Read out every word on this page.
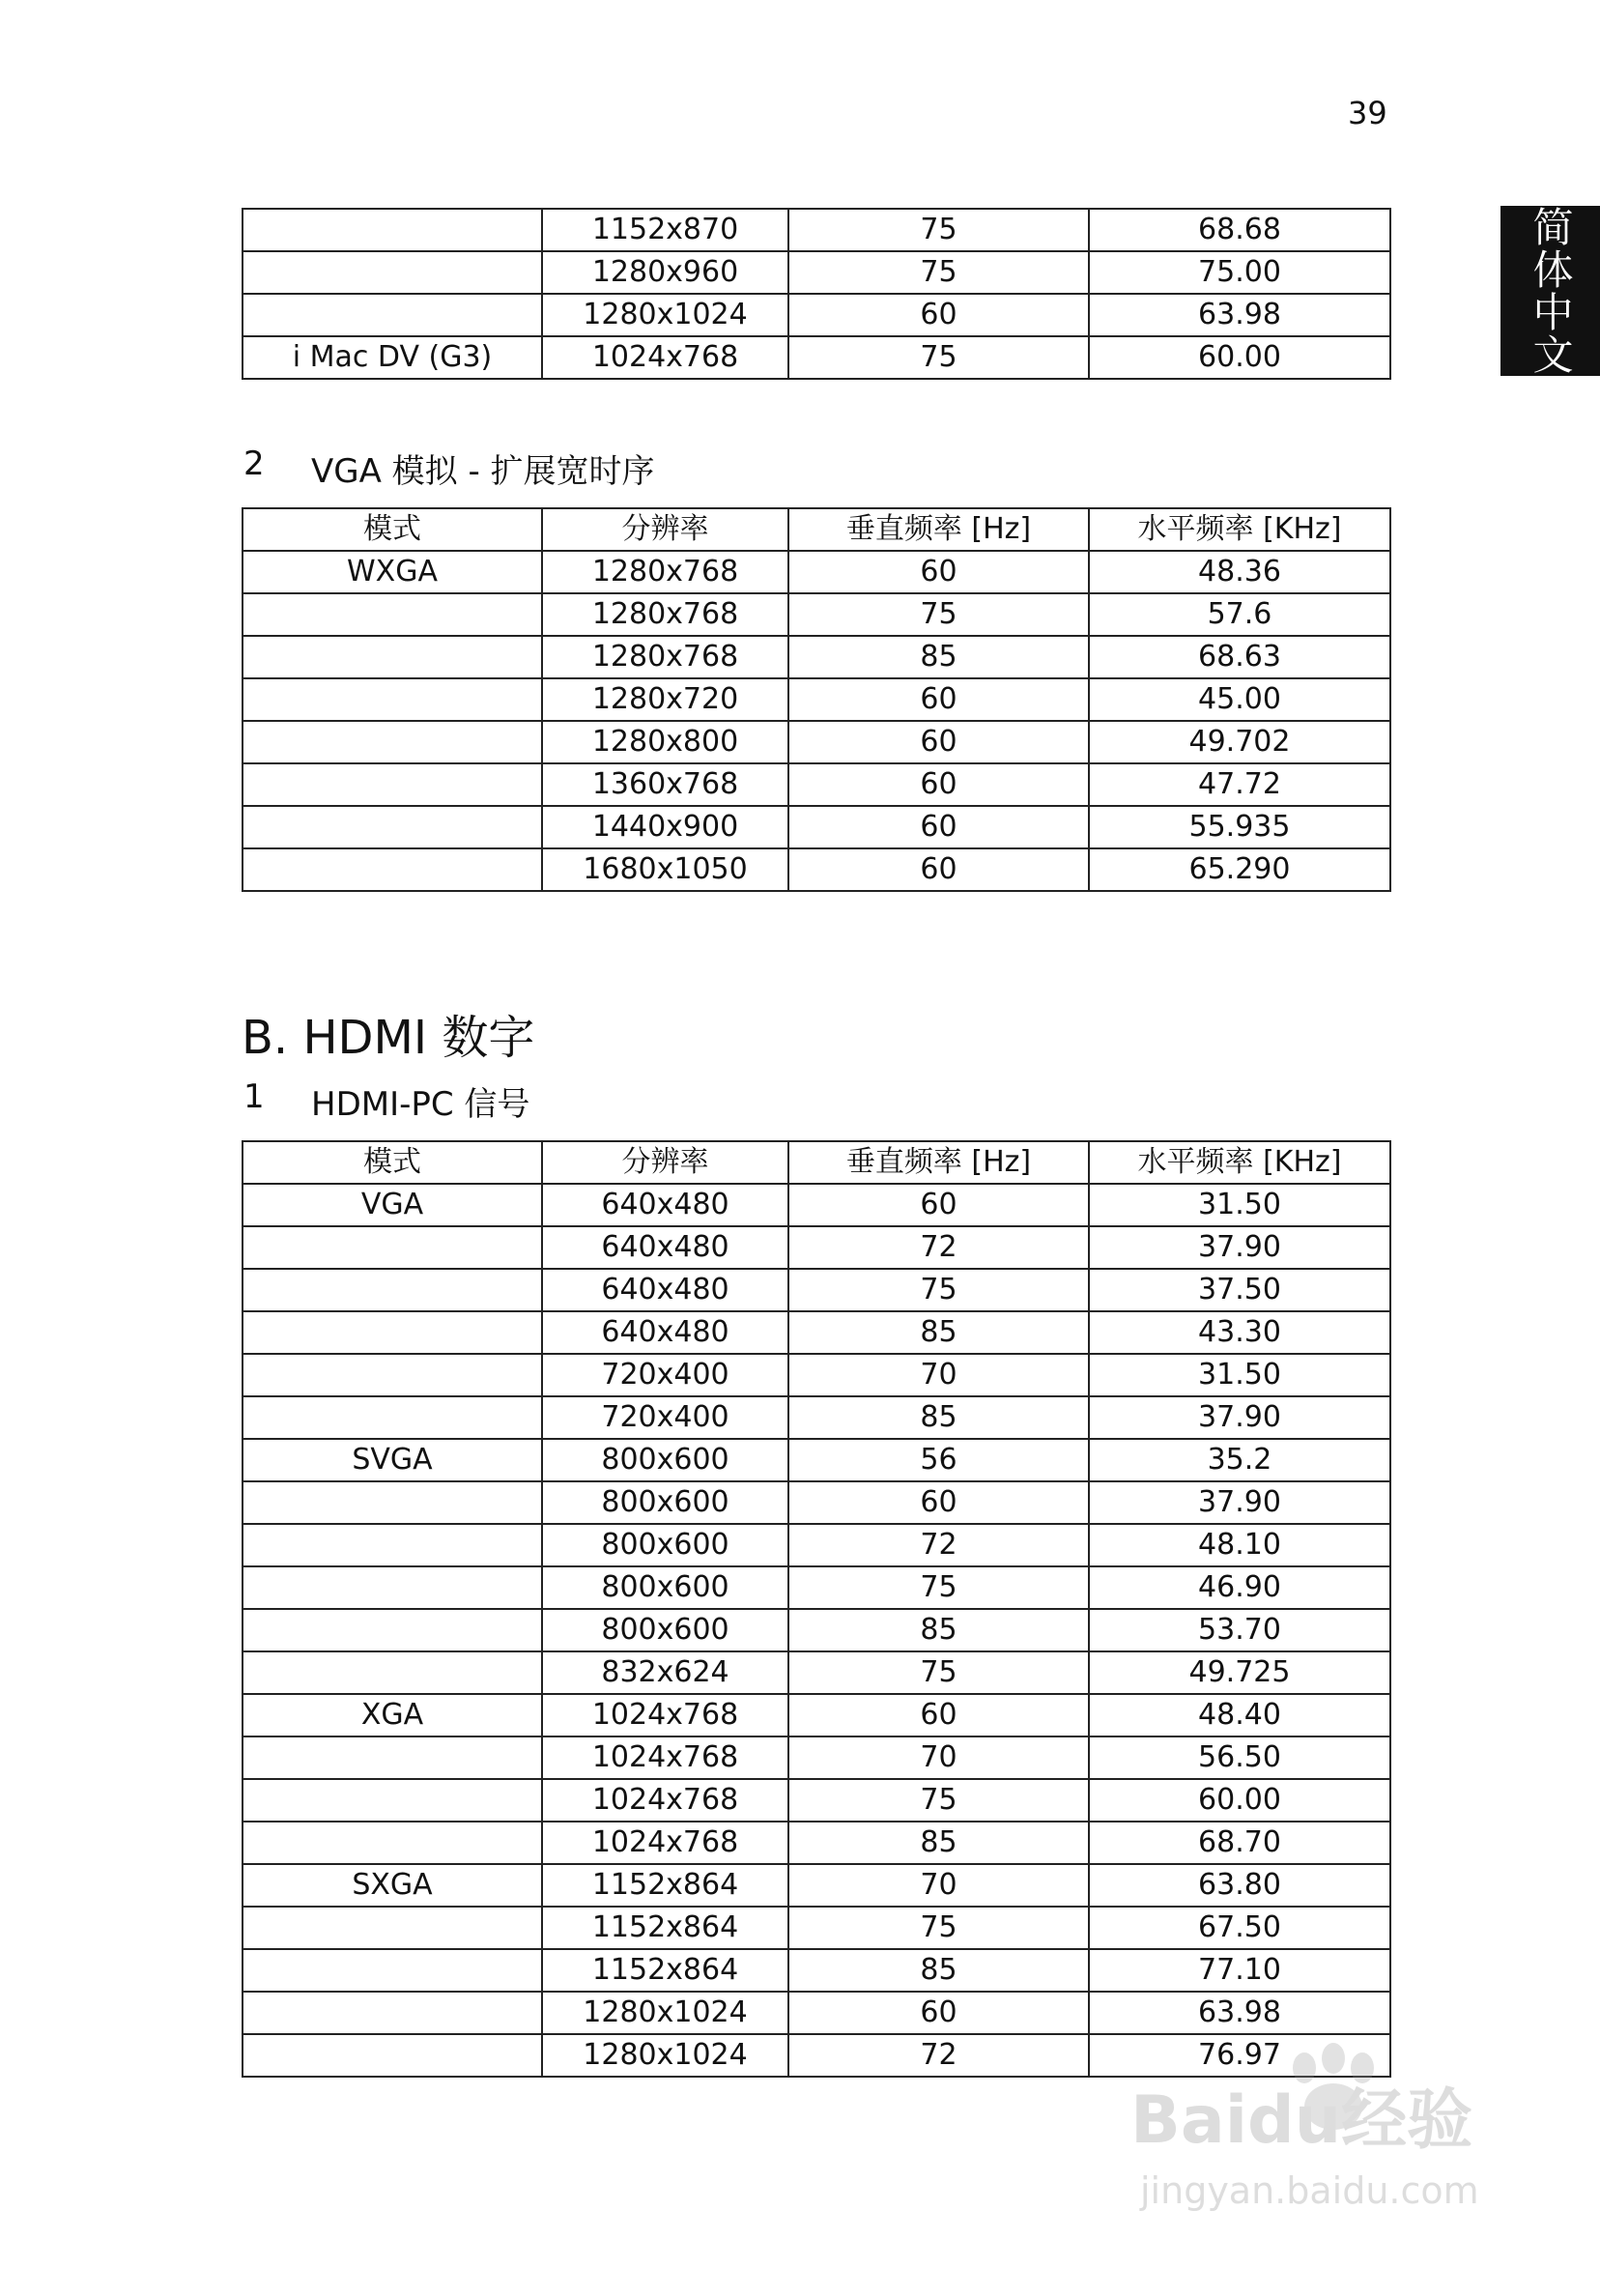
39
简体中文
	1152x870	75	68.68
	1280x960	75	75.00
	1280x1024	60	63.98
i Mac DV (G3)	1024x768	75	60.00
2	VGA 模拟 - 扩展宽时序
模式	分辨率	垂直频率 [Hz]	水平频率 [KHz]
WXGA	1280x768	60	48.36
	1280x768	75	57.6
	1280x768	85	68.63
	1280x720	60	45.00
	1280x800	60	49.702
	1360x768	60	47.72
	1440x900	60	55.935
	1680x1050	60	65.290
B. HDMI 数字
1	HDMI-PC 信号
模式	分辨率	垂直频率 [Hz]	水平频率 [KHz]
VGA	640x480	60	31.50
	640x480	72	37.90
	640x480	75	37.50
	640x480	85	43.30
	720x400	70	31.50
	720x400	85	37.90
SVGA	800x600	56	35.2
	800x600	60	37.90
	800x600	72	48.10
	800x600	75	46.90
	800x600	85	53.70
	832x624	75	49.725
XGA	1024x768	60	48.40
	1024x768	70	56.50
	1024x768	75	60.00
	1024x768	85	68.70
SXGA	1152x864	70	63.80
	1152x864	75	67.50
	1152x864	85	77.10
	1280x1024	60	63.98
	1280x1024	72	76.97
Baidu经验
jingyan.baidu.com
